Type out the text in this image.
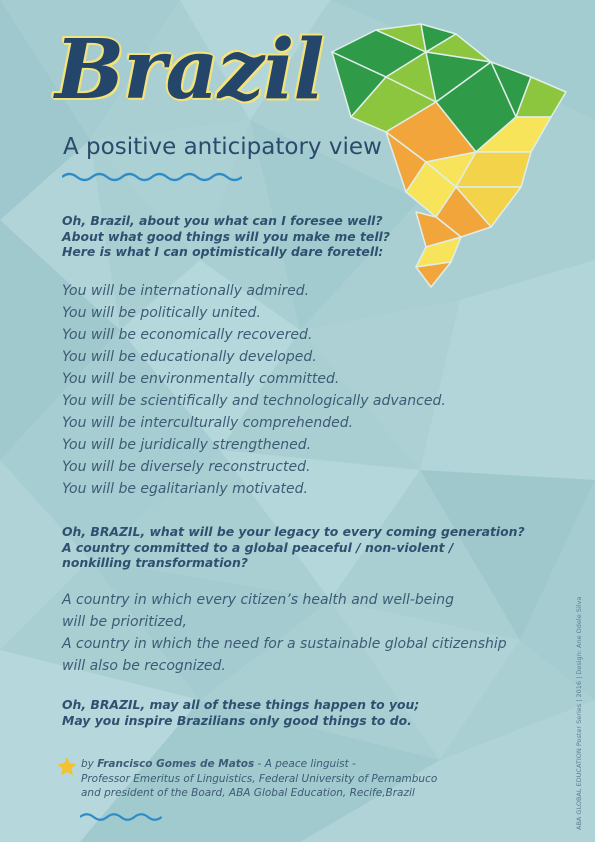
Brazil
A positive anticipatory view
Oh, Brazil, about you what can I foresee well?
About what good things will you make me tell?
Here is what I can optimistically dare foretell:
You will be internationally admired.
You will be politically united.
You will be economically recovered.
You will be educationally developed.
You will be environmentally committed.
You will be scientifically and technologically advanced.
You will be interculturally comprehended.
You will be juridically strengthened.
You will be diversely reconstructed.
You will be egalitarianly motivated.
Oh, BRAZIL, what will be your legacy to every coming generation?
A country committed to a global peaceful / non-violent /
nonkilling transformation?
A country in which every citizen’s health and well-being
will be prioritized,
A country in which the need for a sustainable global citizenship
will also be recognized.
Oh, BRAZIL, may all of these things happen to you;
May you inspire Brazilians only good things to do.
by Francisco Gomes de Matos - A peace linguist -
Professor Emeritus of Linguistics, Federal University of Pernambuco
and president of the Board, ABA Global Education, Recife,Brazil	ABA GLOBAL EDUCATION Poster Series | 2016 | Design: Ane Odele Silva
